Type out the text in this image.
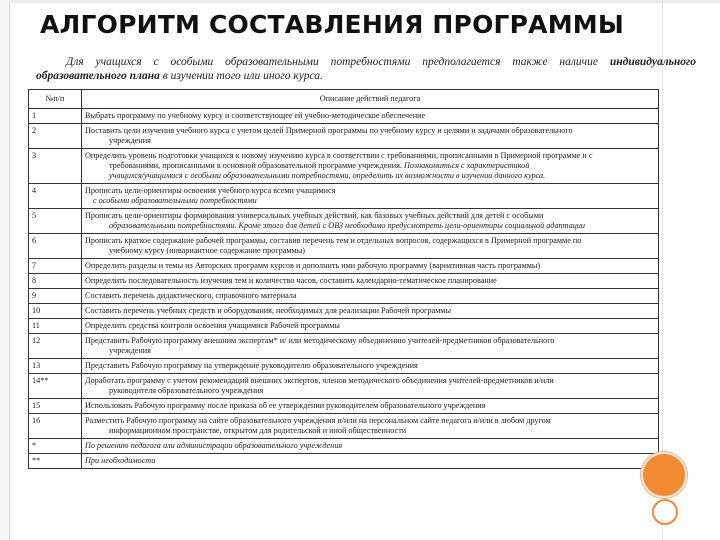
АЛГОРИТМ СОСТАВЛЕНИЯ ПРОГРАММЫ
Для учащихся с особыми образовательными потребностями предполагается также наличие индивидуального образовательного плана в изучении того или иного курса.
№п/п	Описание действий педагога
1	Выбрать программу по учебному курсу и соответствующее ей учебно-методическое обеспечение
2	Поставить цели изучения учебного курса с учетом целей Примерной программы по учебному курсу и целями и задачами образовательного
учреждения

3	Определить уровень подготовки учащихся к новому изучению курса в соответствии с требованиями, прописанными в Примерной программе и с
требованиями, прописанными в основной образовательной программе учреждения. Познакомиться с характеристикой
учащихся/учащимися с особыми образовательными потребностями, определить их возможности в изучении данного курса.

4	Прописать цели-ориентиры освоения учебного курса всеми учащимися
с особыми образовательными потребностями

5	Прописать цели-ориентиры формирования универсальных учебных действий, как базовых учебных действий для детей с особыми
образовательными потребностями. Кроме этого для детей с ОВЗ необходимо предусмотреть цели-ориентиры социальной адаптации

6	Прописать краткое содержание рабочей программы, составив перечень тем и отдельных вопросов, содержащихся в Примерной программе по
учебному курсу (инвариантное содержание программы)

7	Определить разделы и темы из Авторских программ курсов и дополнить ими рабочую программу (вариативная часть программы)
8	Определить последовательность изучения тем и количество часов, составить календарно-тематическое планирование
9	Составить перечень дидактического, справочного материала
10	Составить перечень учебных средств и оборудования, необходимых для реализации Рабочей программы
11	Определить средства контроля освоения учащимися Рабочей программы
12	Представить Рабочую программу внешним экспертам* и/ или методическому объединению учителей-предметников образовательного
учреждения

13	Представить Рабочую программу на утверждение руководителю образовательного учреждения
14**	Доработать программу с учетом рекомендаций внешних экспертов, членов методического объединения учителей-предметников и/или
руководителя образовательного учреждения

15	Использовать Рабочую программу после приказа об ее утверждении руководителем образовательного учреждения
16	Разместить Рабочую программу на сайте образовательного учреждения и/или на персональном сайте педагога и/или в любом другом
информационном пространстве, открытом для родительской и иной общественности

*	По решению педагога или администрации образовательного учреждения
**	При необходимости
